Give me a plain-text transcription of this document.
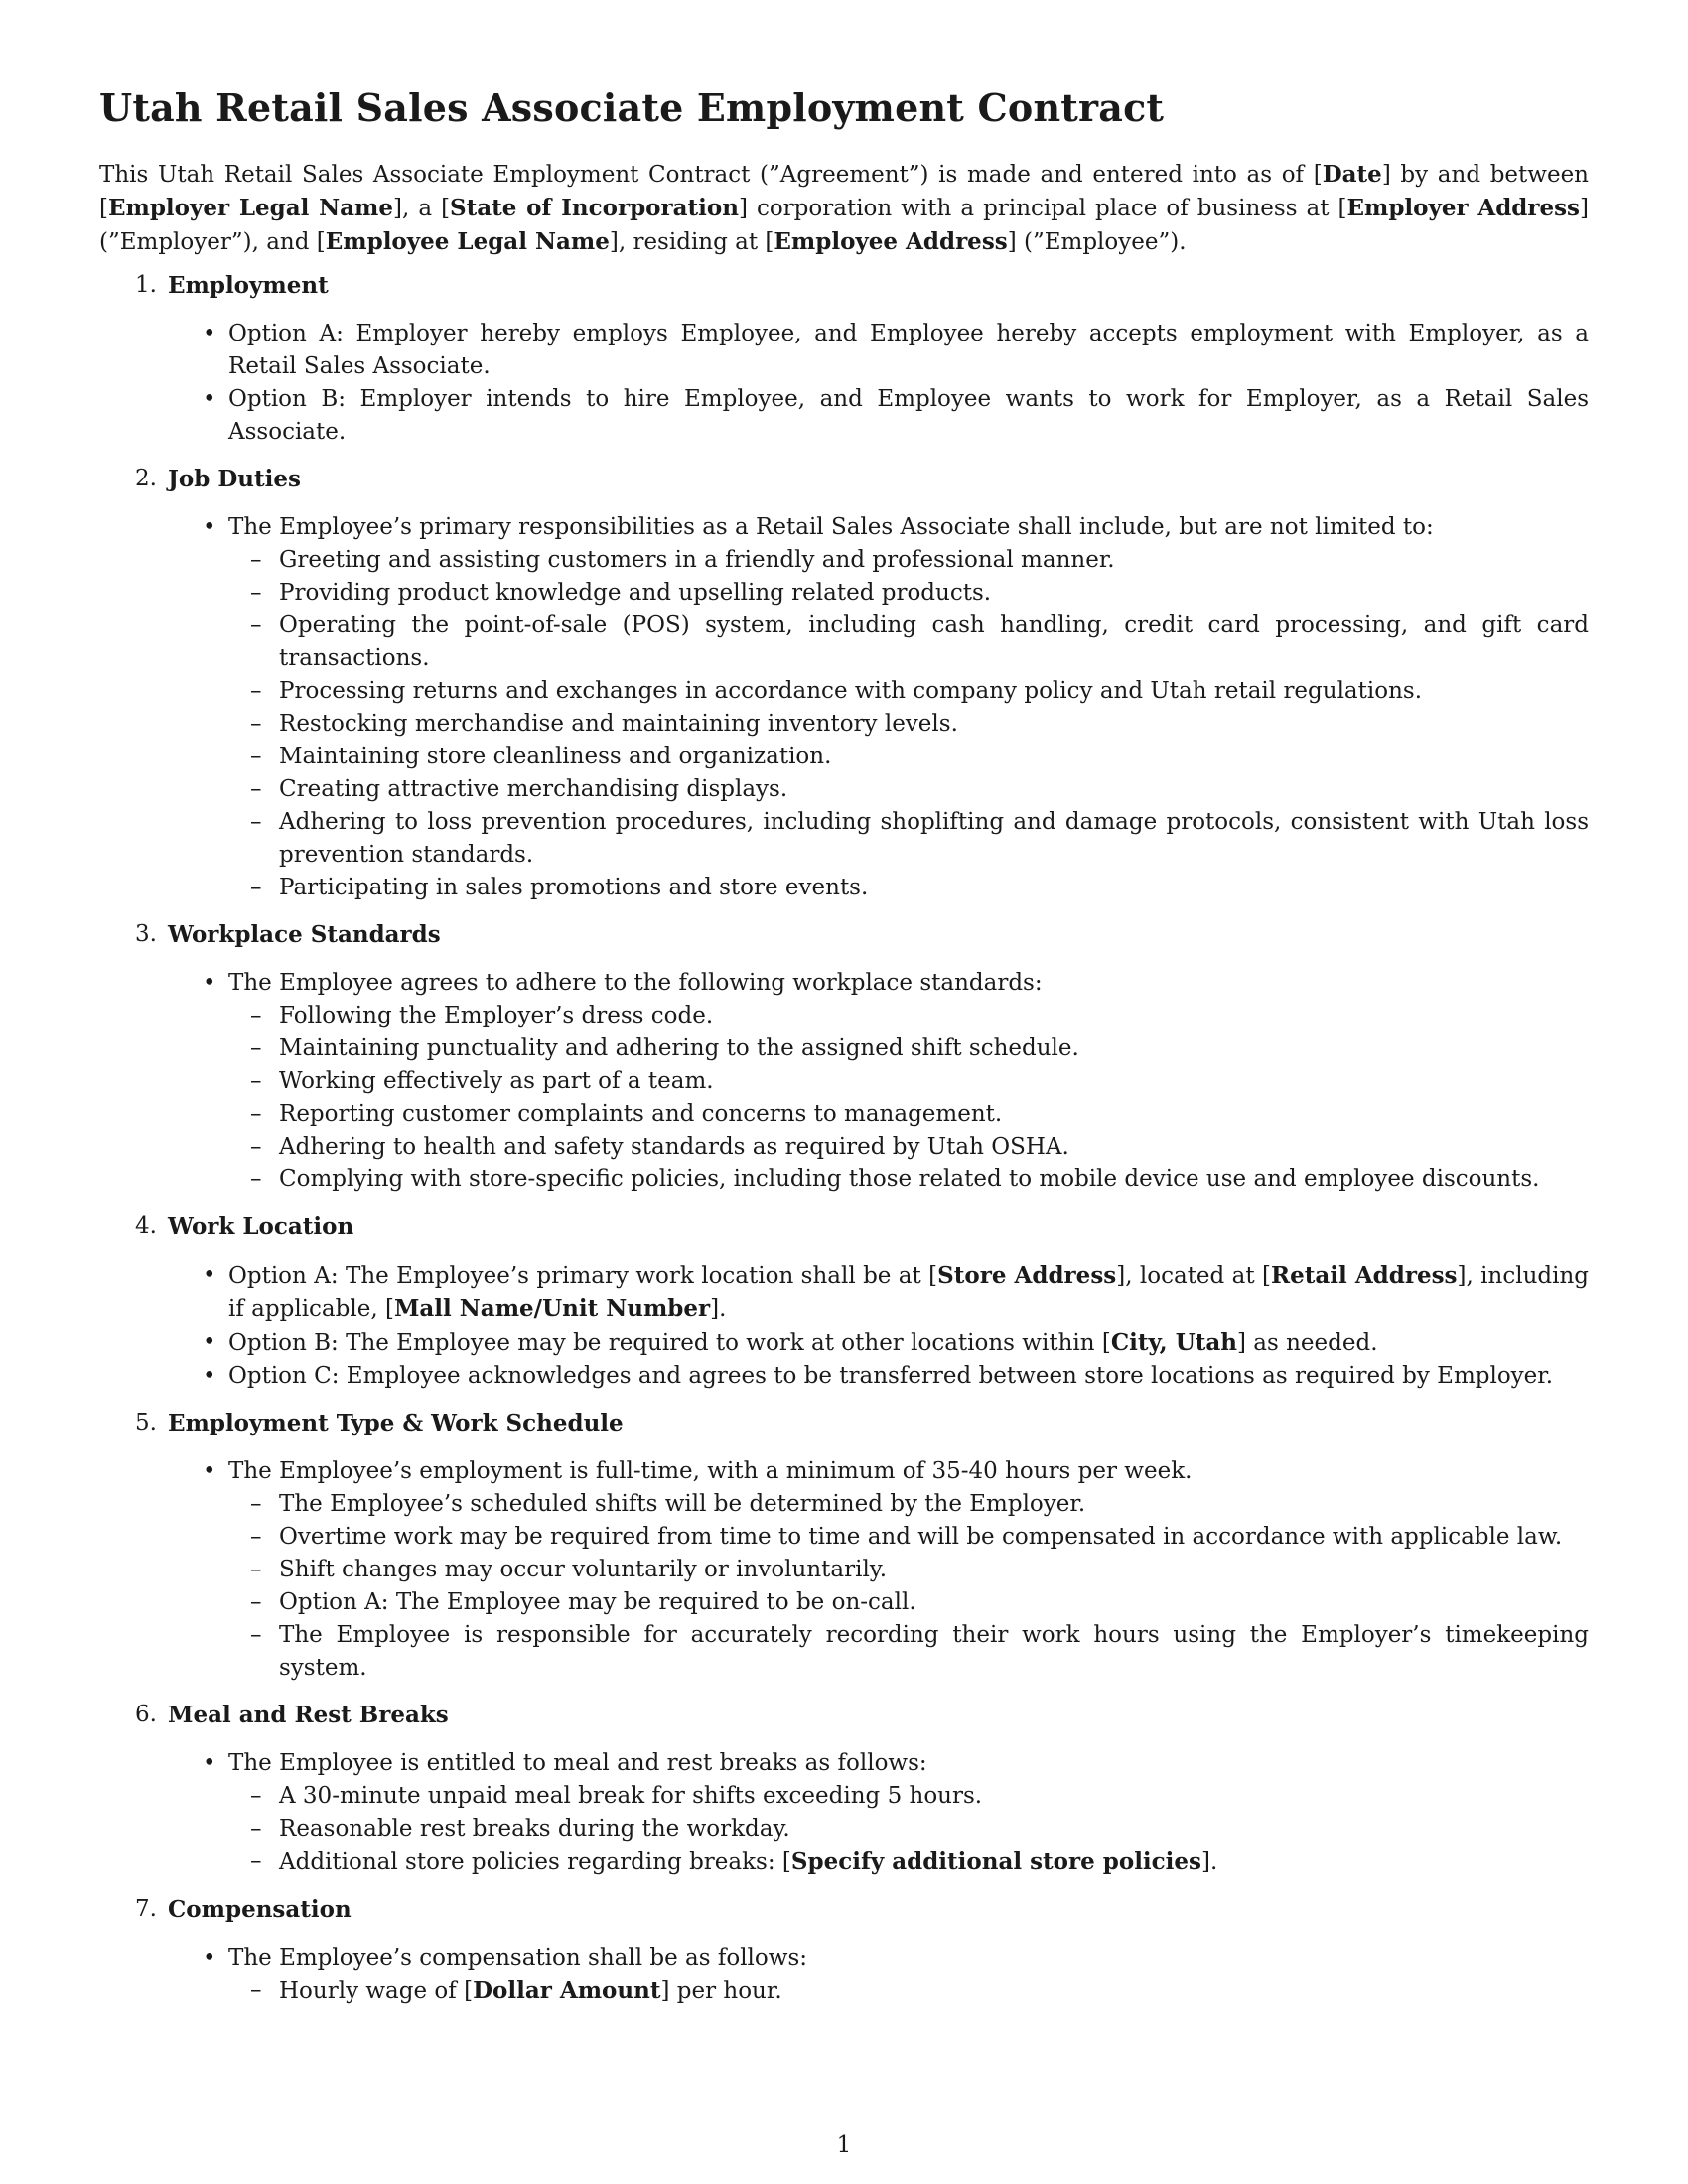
Utah Retail Sales Associate Employment Contract

This Utah Retail Sales Associate Employment Contract (”Agreement”) is made and entered into as of [Date] by and between [Employer Legal Name], a [State of Incorporation] corporation with a principal place of business at [Employer Address] (”Employer”), and [Employee Legal Name], residing at [Employee Address] (”Employee”).

1. Employment
• Option A: Employer hereby employs Employee, and Employee hereby accepts employment with Employer, as a Retail Sales Associate.
• Option B: Employer intends to hire Employee, and Employee wants to work for Employer, as a Retail Sales Associate.
2. Job Duties
• The Employee’s primary responsibilities as a Retail Sales Associate shall include, but are not limited to:
– Greeting and assisting customers in a friendly and professional manner.
– Providing product knowledge and upselling related products.
– Operating the point-of-sale (POS) system, including cash handling, credit card processing, and gift card transactions.
– Processing returns and exchanges in accordance with company policy and Utah retail regulations.
– Restocking merchandise and maintaining inventory levels.
– Maintaining store cleanliness and organization.
– Creating attractive merchandising displays.
– Adhering to loss prevention procedures, including shoplifting and damage protocols, consistent with Utah loss prevention standards.
– Participating in sales promotions and store events.
3. Workplace Standards
• The Employee agrees to adhere to the following workplace standards:
– Following the Employer’s dress code.
– Maintaining punctuality and adhering to the assigned shift schedule.
– Working effectively as part of a team.
– Reporting customer complaints and concerns to management.
– Adhering to health and safety standards as required by Utah OSHA.
– Complying with store-specific policies, including those related to mobile device use and employee discounts.
4. Work Location
• Option A: The Employee’s primary work location shall be at [Store Address], located at [Retail Address], including if applicable, [Mall Name/Unit Number].
• Option B: The Employee may be required to work at other locations within [City, Utah] as needed.
• Option C: Employee acknowledges and agrees to be transferred between store locations as required by Employer.
5. Employment Type & Work Schedule
• The Employee’s employment is full-time, with a minimum of 35-40 hours per week.
– The Employee’s scheduled shifts will be determined by the Employer.
– Overtime work may be required from time to time and will be compensated in accordance with applicable law.
– Shift changes may occur voluntarily or involuntarily.
– Option A: The Employee may be required to be on-call.
– The Employee is responsible for accurately recording their work hours using the Employer’s timekeeping system.
6. Meal and Rest Breaks
• The Employee is entitled to meal and rest breaks as follows:
– A 30-minute unpaid meal break for shifts exceeding 5 hours.
– Reasonable rest breaks during the workday.
– Additional store policies regarding breaks: [Specify additional store policies].
7. Compensation
• The Employee’s compensation shall be as follows:
– Hourly wage of [Dollar Amount] per hour.
1
